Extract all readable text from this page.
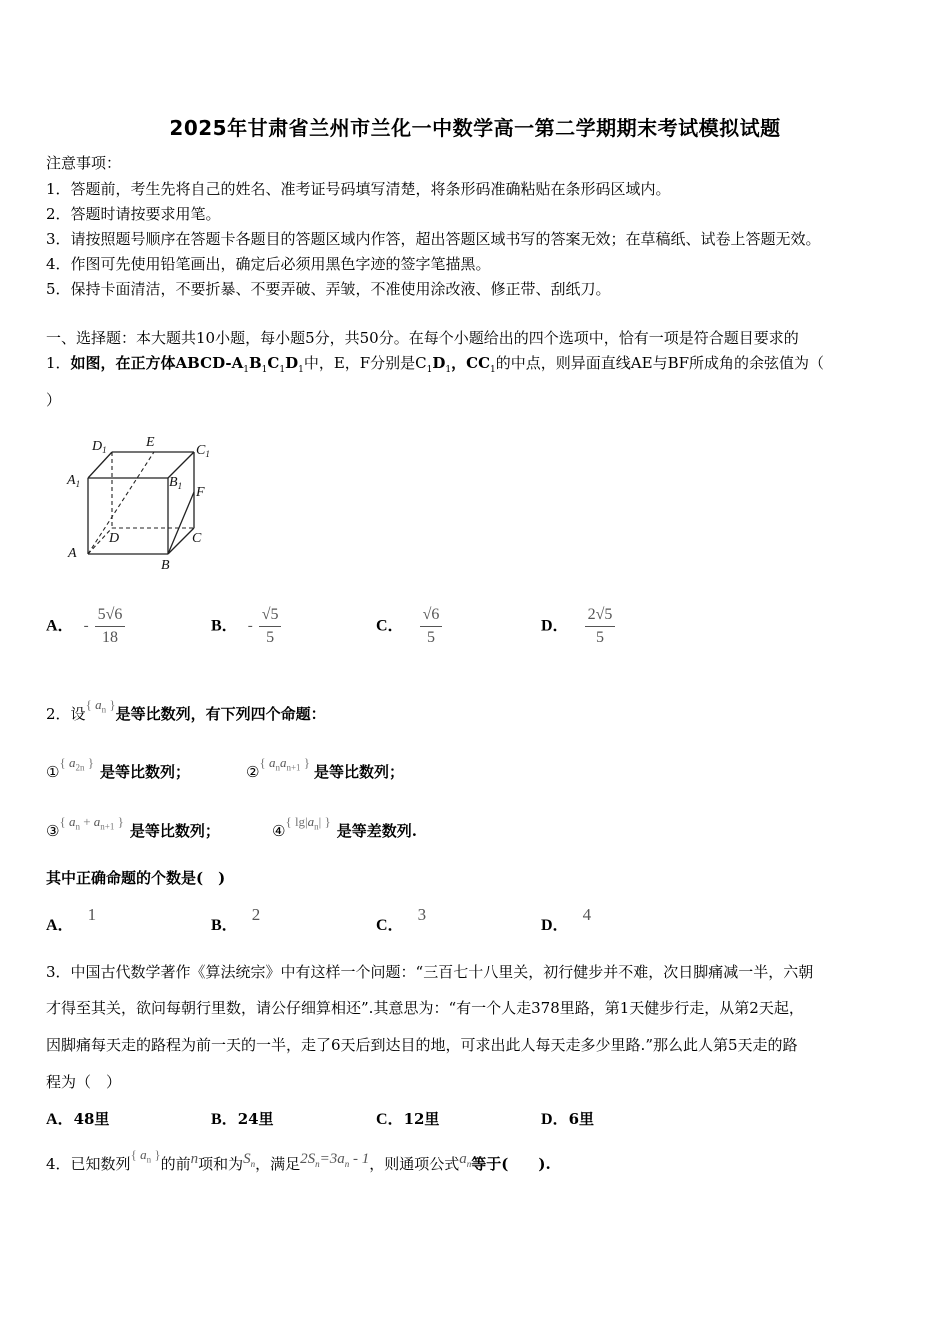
2025年甘肃省兰州市兰化一中数学高一第二学期期末考试模拟试题
注意事项：
1．答题前，考生先将自己的姓名、准考证号码填写清楚，将条形码准确粘贴在条形码区域内。
2．答题时请按要求用笔。
3．请按照题号顺序在答题卡各题目的答题区域内作答，超出答题区域书写的答案无效；在草稿纸、试卷上答题无效。
4．作图可先使用铅笔画出，确定后必须用黑色字迹的签字笔描黑。
5．保持卡面清洁，不要折暴、不要弄破、弄皱，不准使用涂改液、修正带、刮纸刀。
一、选择题：本大题共10小题，每小题5分，共50分。在每个小题给出的四个选项中，恰有一项是符合题目要求的
1．如图，在正方体ABCD-$A_1B_1C_1D_1$中，E，F分别是$C_1D_1$，$CC_1$的中点，则异面直线AE与BF所成角的余弦值为（
）
$D_1$	E
$C_1$
$A_1$	$B_1$ F
D	C
A
B
A． - $\frac{5√6}{18}$	B． - $\frac{√5}{5}$	C． $\frac{√6}{5}$	D． $\frac{2√5}{5}$
2．设{ $a_n$ }是等比数列，有下列四个命题：
①{ $a_{2n}$ }是等比数列；	②{ $a_na_{n+1}$ }是等比数列；
③{ $a_n + a_{n+1}$ }是等比数列；	④{ $\lg|a_n|$ }是等差数列.
其中正确命题的个数是(　)
A．1
B．2
C．3
D．4
3．中国古代数学著作《算法统宗》中有这样一个问题：“三百七十八里关，初行健步并不难，次日脚痛减一半，六朝
才得至其关，欲问每朝行里数，请公仔细算相还”.其意思为：“有一个人走378里路，第1天健步行走，从第2天起，
因脚痛每天走的路程为前一天的一半，走了6天后到达目的地，可求出此人每天走多少里路.”那么此人第5天走的路
程为（　）
A．48里	B．24里	C．12里	D．6里
4．已知数列{ $a_n$ }的前n项和为$S_n$，满足$2S_n=3a_n - 1$，则通项公式$a_n$等于(　　).
